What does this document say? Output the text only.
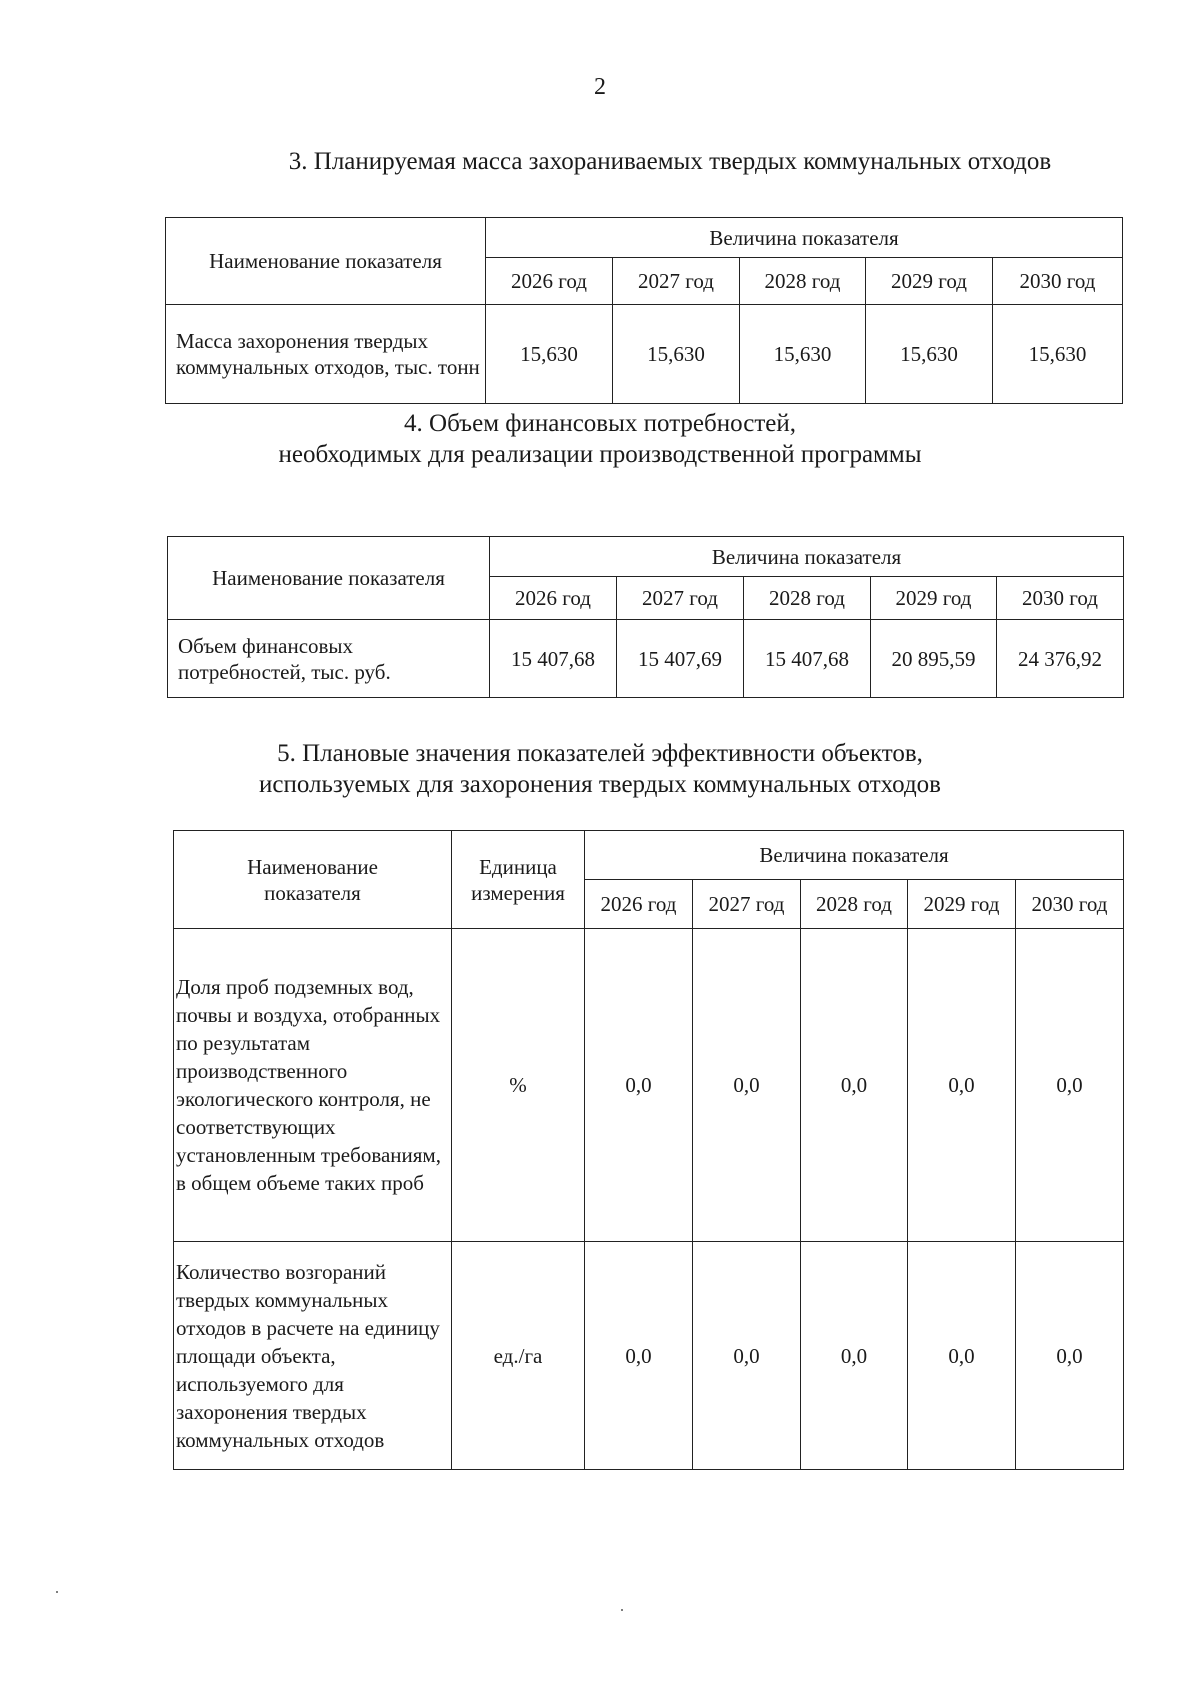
2
3. Планируемая масса захораниваемых твердых коммунальных отходов
Наименование показателя	Величина показателя				
	2026 год	2027 год	2028 год	2029 год	2030 год
Масса захоронения твердых коммунальных отходов, тыс. тонн	15,630	15,630	15,630	15,630	15,630
4. Объем финансовых потребностей,
необходимых для реализации производственной программы
Наименование показателя	Величина показателя				
	2026 год	2027 год	2028 год	2029 год	2030 год
Объем финансовых потребностей, тыс. руб.	15 407,68	15 407,69	15 407,68	20 895,59	24 376,92
5. Плановые значения показателей эффективности объектов,
используемых для захоронения твердых коммунальных отходов
Наименование показателя	Единица измерения	Величина показателя				
		2026 год	2027 год	2028 год	2029 год	2030 год
Доля проб подземных вод, почвы и воздуха, отобранных по результатам производственного экологического контроля, не соответствующих установленным требованиям, в общем объеме таких проб	%	0,0	0,0	0,0	0,0	0,0
Количество возгораний твердых коммунальных отходов в расчете на единицу площади объекта, используемого для захоронения твердых коммунальных отходов	ед./га	0,0	0,0	0,0	0,0	0,0
